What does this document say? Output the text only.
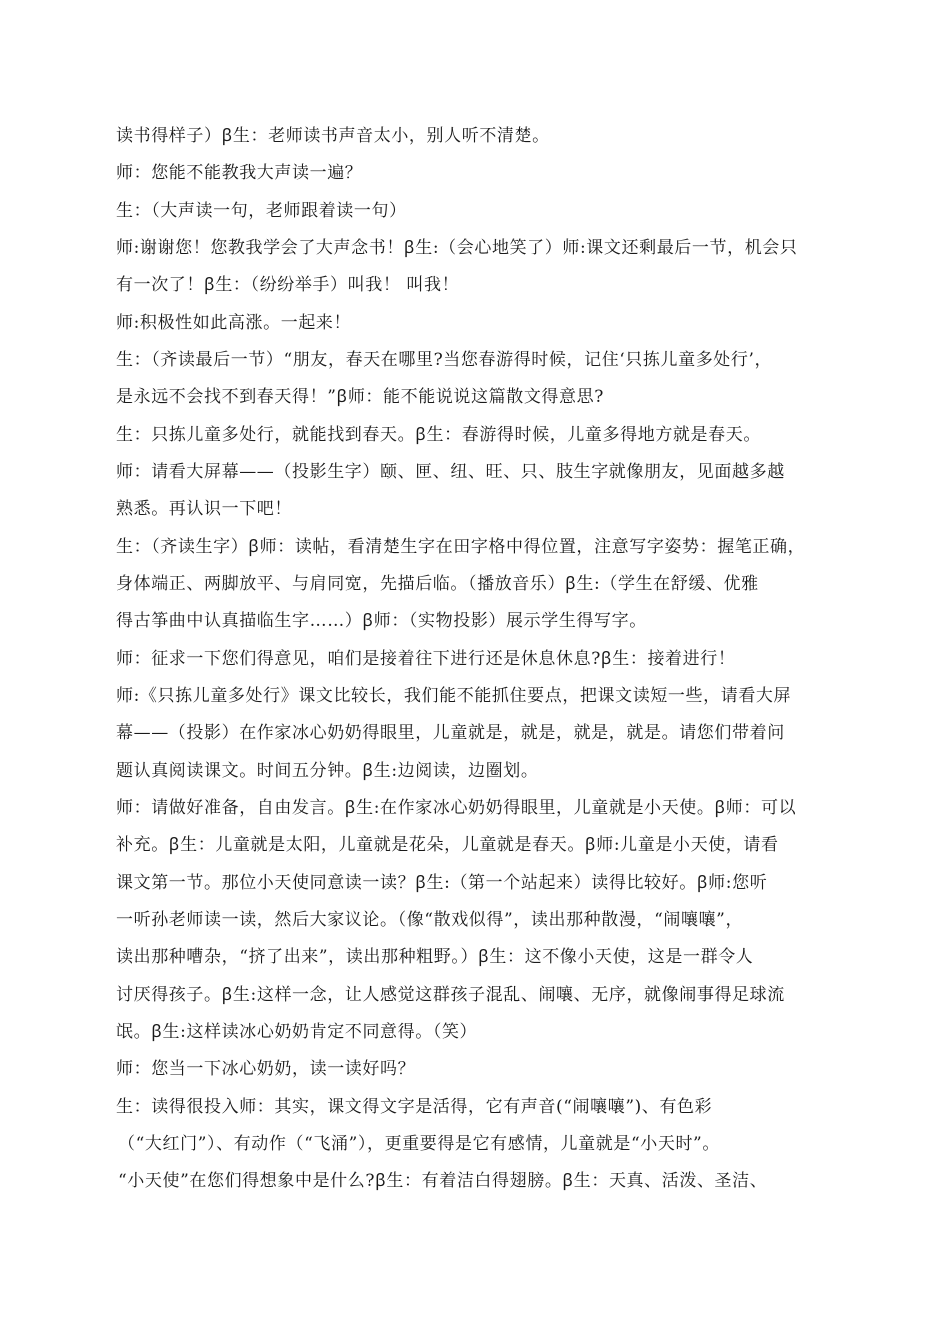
读书得样子）ꞵ生：老师读书声音太小，别人听不清楚。
师：您能不能教我大声读一遍？
生：（大声读一句，老师跟着读一句）
师:谢谢您！您教我学会了大声念书！ꞵ生:（会心地笑了）师:课文还剩最后一节，机会只
有一次了！ꞵ生：（纷纷举手）叫我！ 叫我！
师:积极性如此高涨。一起来！
生：（齐读最后一节）“朋友，春天在哪里?当您春游得时候，记住‘只拣儿童多处行’，
是永远不会找不到春天得！”ꞵ师：能不能说说这篇散文得意思?
生：只拣儿童多处行，就能找到春天。ꞵ生：春游得时候，儿童多得地方就是春天。
师：请看大屏幕——（投影生字）颐、匣、纽、旺、只、肢生字就像朋友，见面越多越
熟悉。再认识一下吧！
生：（齐读生字）ꞵ师：读帖，看清楚生字在田字格中得位置，注意写字姿势：握笔正确，
身体端正、两脚放平、与肩同宽，先描后临。（播放音乐）ꞵ生:（学生在舒缓、优雅
得古筝曲中认真描临生字……）ꞵ师：（实物投影）展示学生得写字。
师：征求一下您们得意见，咱们是接着往下进行还是休息休息?ꞵ生：接着进行！
师:《只拣儿童多处行》课文比较长，我们能不能抓住要点，把课文读短一些，请看大屏
幕——（投影）在作家冰心奶奶得眼里，儿童就是，就是，就是，就是。请您们带着问
题认真阅读课文。时间五分钟。ꞵ生:边阅读，边圈划。
师：请做好准备，自由发言。ꞵ生:在作家冰心奶奶得眼里，儿童就是小天使。ꞵ师：可以
补充。ꞵ生：儿童就是太阳，儿童就是花朵，儿童就是春天。ꞵ师:儿童是小天使，请看
课文第一节。那位小天使同意读一读？ꞵ生:（第一个站起来）读得比较好。ꞵ师:您听
一听孙老师读一读，然后大家议论。（像“散戏似得”，读出那种散漫，“闹嚷嚷”，
读出那种嘈杂，“挤了出来”，读出那种粗野。）ꞵ生：这不像小天使，这是一群令人
讨厌得孩子。ꞵ生:这样一念，让人感觉这群孩子混乱、闹嚷、无序，就像闹事得足球流
氓。ꞵ生:这样读冰心奶奶肯定不同意得。（笑）
师：您当一下冰心奶奶，读一读好吗？
生：读得很投入师：其实，课文得文字是活得，它有声音(“闹嚷嚷”)、有色彩
（“大红门”）、有动作（“飞涌”），更重要得是它有感情，儿童就是“小天时”。
“小天使”在您们得想象中是什么?ꞵ生：有着洁白得翅膀。ꞵ生：天真、活泼、圣洁、
